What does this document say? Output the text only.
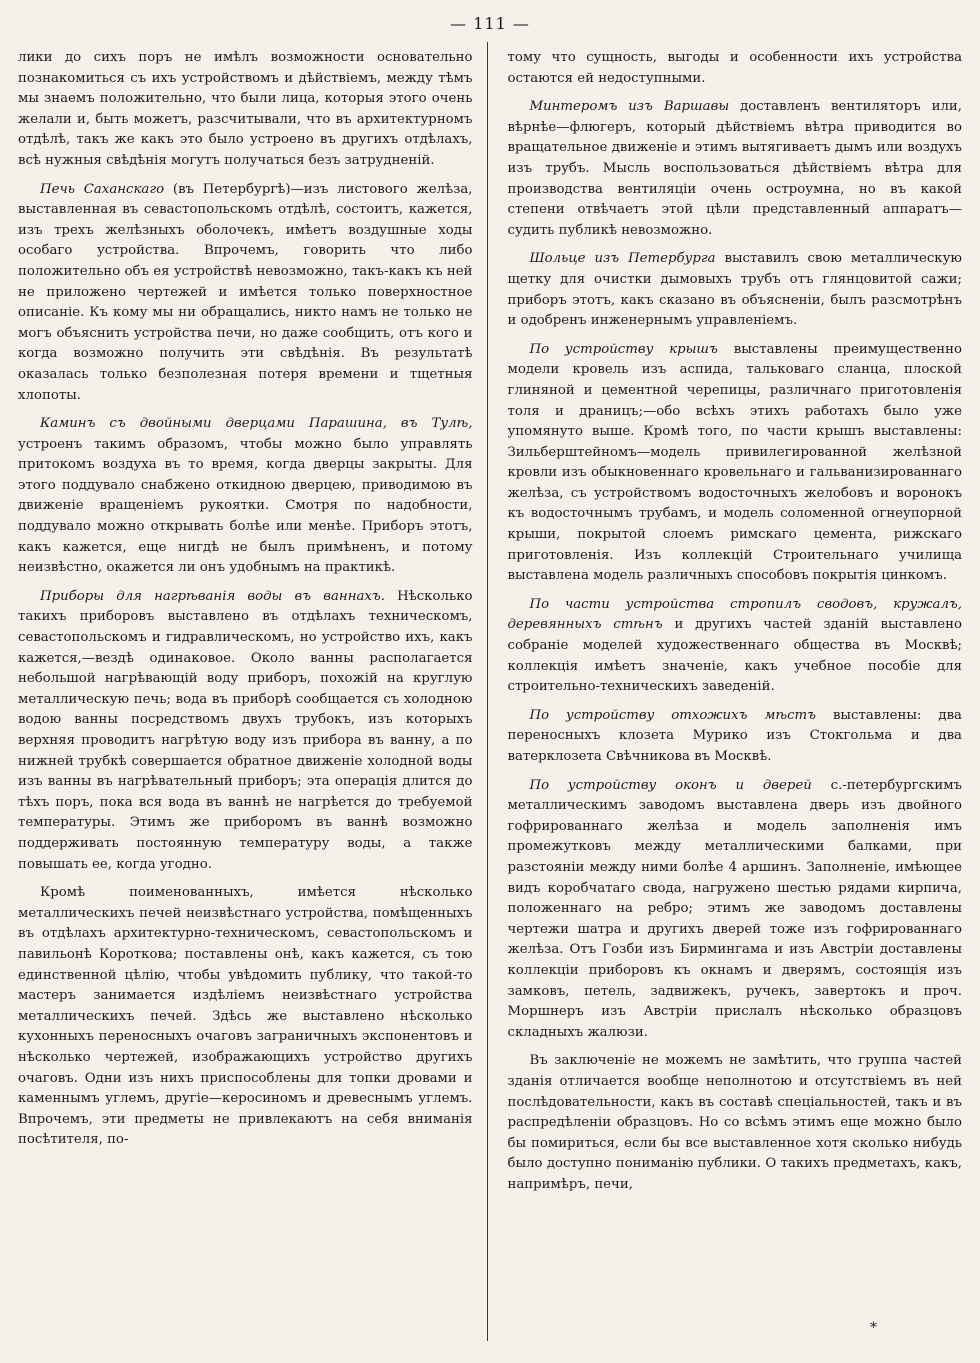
— 111 —

лики до сихъ поръ не имѣлъ возможности основательно познакомиться съ ихъ устройствомъ и дѣйствіемъ, между тѣмъ мы знаемъ положительно, что были лица, которыя этого очень желали и, быть можетъ, разсчитывали, что въ архитектурномъ отдѣлѣ, такъ же какъ это было устроено въ другихъ отдѣлахъ, всѣ нужныя свѣдѣнія могутъ получаться безъ затрудненій.

Печь Саханскаго (въ Петербургѣ)—изъ листового желѣза, выставленная въ севастопольскомъ отдѣлѣ, состоитъ, кажется, изъ трехъ желѣзныхъ оболочекъ, имѣетъ воздушные ходы особаго устройства. Впрочемъ, говорить что либо положительно объ ея устройствѣ невозможно, такъ-какъ къ ней не приложено чертежей и имѣется только поверхностное описаніе. Къ кому мы ни обращались, никто намъ не только не могъ объяснить устройства печи, но даже сообщить, отъ кого и когда возможно получить эти свѣдѣнія. Въ результатѣ оказалась только безполезная потеря времени и тщетныя хлопоты.

Каминъ съ двойными дверцами Парашина, въ Тулѣ, устроенъ такимъ образомъ, чтобы можно было управлять притокомъ воздуха въ то время, когда дверцы закрыты. Для этого поддувало снабжено откидною дверцею, приводимою въ движеніе вращеніемъ рукоятки. Смотря по надобности, поддувало можно открывать болѣе или менѣе. Приборъ этотъ, какъ кажется, еще нигдѣ не былъ примѣненъ, и потому неизвѣстно, окажется ли онъ удобнымъ на практикѣ.

Приборы для нагрѣванія воды въ ваннахъ. Нѣсколько такихъ приборовъ выставлено въ отдѣлахъ техническомъ, севастопольскомъ и гидравлическомъ, но устройство ихъ, какъ кажется,—вездѣ одинаковое. Около ванны располагается небольшой нагрѣвающій воду приборъ, похожій на круглую металлическую печь; вода въ приборѣ сообщается съ холодною водою ванны посредствомъ двухъ трубокъ, изъ которыхъ верхняя проводитъ нагрѣтую воду изъ прибора въ ванну, а по нижней трубкѣ совершается обратное движеніе холодной воды изъ ванны въ нагрѣвательный приборъ; эта операція длится до тѣхъ поръ, пока вся вода въ ваннѣ не нагрѣется до требуемой температуры. Этимъ же приборомъ въ ваннѣ возможно поддерживать постоянную температуру воды, а также повышать ее, когда угодно.

Кромѣ поименованныхъ, имѣется нѣсколько металлическихъ печей неизвѣстнаго устройства, помѣщенныхъ въ отдѣлахъ архитектурно-техническомъ, севастопольскомъ и павильонѣ Короткова; поставлены онѣ, какъ кажется, съ тою единственной цѣлію, чтобы увѣдомить публику, что такой-то мастеръ занимается издѣліемъ неизвѣстнаго устройства металлическихъ печей. Здѣсь же выставлено нѣсколько кухонныхъ переносныхъ очаговъ заграничныхъ экспонентовъ и нѣсколько чертежей, изображающихъ устройство другихъ очаговъ. Одни изъ нихъ приспособлены для топки дровами и каменнымъ углемъ, другіе—керосиномъ и древеснымъ углемъ. Впрочемъ, эти предметы не привлекаютъ на себя вниманія посѣтителя, по-

тому что сущность, выгоды и особенности ихъ устройства остаются ей недоступными.

Минтеромъ изъ Варшавы доставленъ вентиляторъ или, вѣрнѣе—флюгеръ, который дѣйствіемъ вѣтра приводится во вращательное движеніе и этимъ вытягиваетъ дымъ или воздухъ изъ трубъ. Мысль воспользоваться дѣйствіемъ вѣтра для производства вентиляціи очень остроумна, но въ какой степени отвѣчаетъ этой цѣли представленный аппаратъ—судить публикѣ невозможно.

Шольце изъ Петербурга выставилъ свою металлическую щетку для очистки дымовыхъ трубъ отъ глянцовитой сажи; приборъ этотъ, какъ сказано въ объясненіи, былъ разсмотрѣнъ и одобренъ инженернымъ управленіемъ.

По устройству крышъ выставлены преимущественно модели кровель изъ аспида, тальковаго сланца, плоской глиняной и цементной черепицы, различнаго приготовленія толя и драницъ;—обо всѣхъ этихъ работахъ было уже упомянуто выше. Кромѣ того, по части крышъ выставлены: Зильберштейномъ—модель привилегированной желѣзной кровли изъ обыкновеннаго кровельнаго и гальванизированнаго желѣза, съ устройствомъ водосточныхъ желобовъ и воронокъ къ водосточнымъ трубамъ, и модель соломенной огнеупорной крыши, покрытой слоемъ римскаго цемента, рижскаго приготовленія. Изъ коллекцій Строительнаго училища выставлена модель различныхъ способовъ покрытія цинкомъ.

По части устройства стропилъ сводовъ, кружалъ, деревянныхъ стѣнъ и другихъ частей зданій выставлено собраніе моделей художественнаго общества въ Москвѣ; коллекція имѣетъ значеніе, какъ учебное пособіе для строительно-техническихъ заведеній.

По устройству отхожихъ мѣстъ выставлены: два переносныхъ клозета Мурико изъ Стокгольма и два ватерклозета Свѣчникова въ Москвѣ.

По устройству оконъ и дверей с.-петербургскимъ металлическимъ заводомъ выставлена дверь изъ двойного гофрированнаго желѣза и модель заполненія имъ промежутковъ между металлическими балками, при разстояніи между ними болѣе 4 аршинъ. Заполненіе, имѣющее видъ коробчатаго свода, нагружено шестью рядами кирпича, положеннаго на ребро; этимъ же заводомъ доставлены чертежи шатра и другихъ дверей тоже изъ гофрированнаго желѣза. Отъ Гозби изъ Бирмингама и изъ Австріи доставлены коллекціи приборовъ къ окнамъ и дверямъ, состоящія изъ замковъ, петель, задвижекъ, ручекъ, завертокъ и проч. Моршнеръ изъ Австріи прислалъ нѣсколько образцовъ складныхъ жалюзи.

Въ заключеніе не можемъ не замѣтить, что группа частей зданія отличается вообще неполнотою и отсутствіемъ въ ней послѣдовательности, какъ въ составѣ спеціальностей, такъ и въ распредѣленіи образцовъ. Но со всѣмъ этимъ еще можно было бы помириться, если бы все выставленное хотя сколько нибудь было доступно пониманію публики. О такихъ предметахъ, какъ, напримѣръ, печи,

*
